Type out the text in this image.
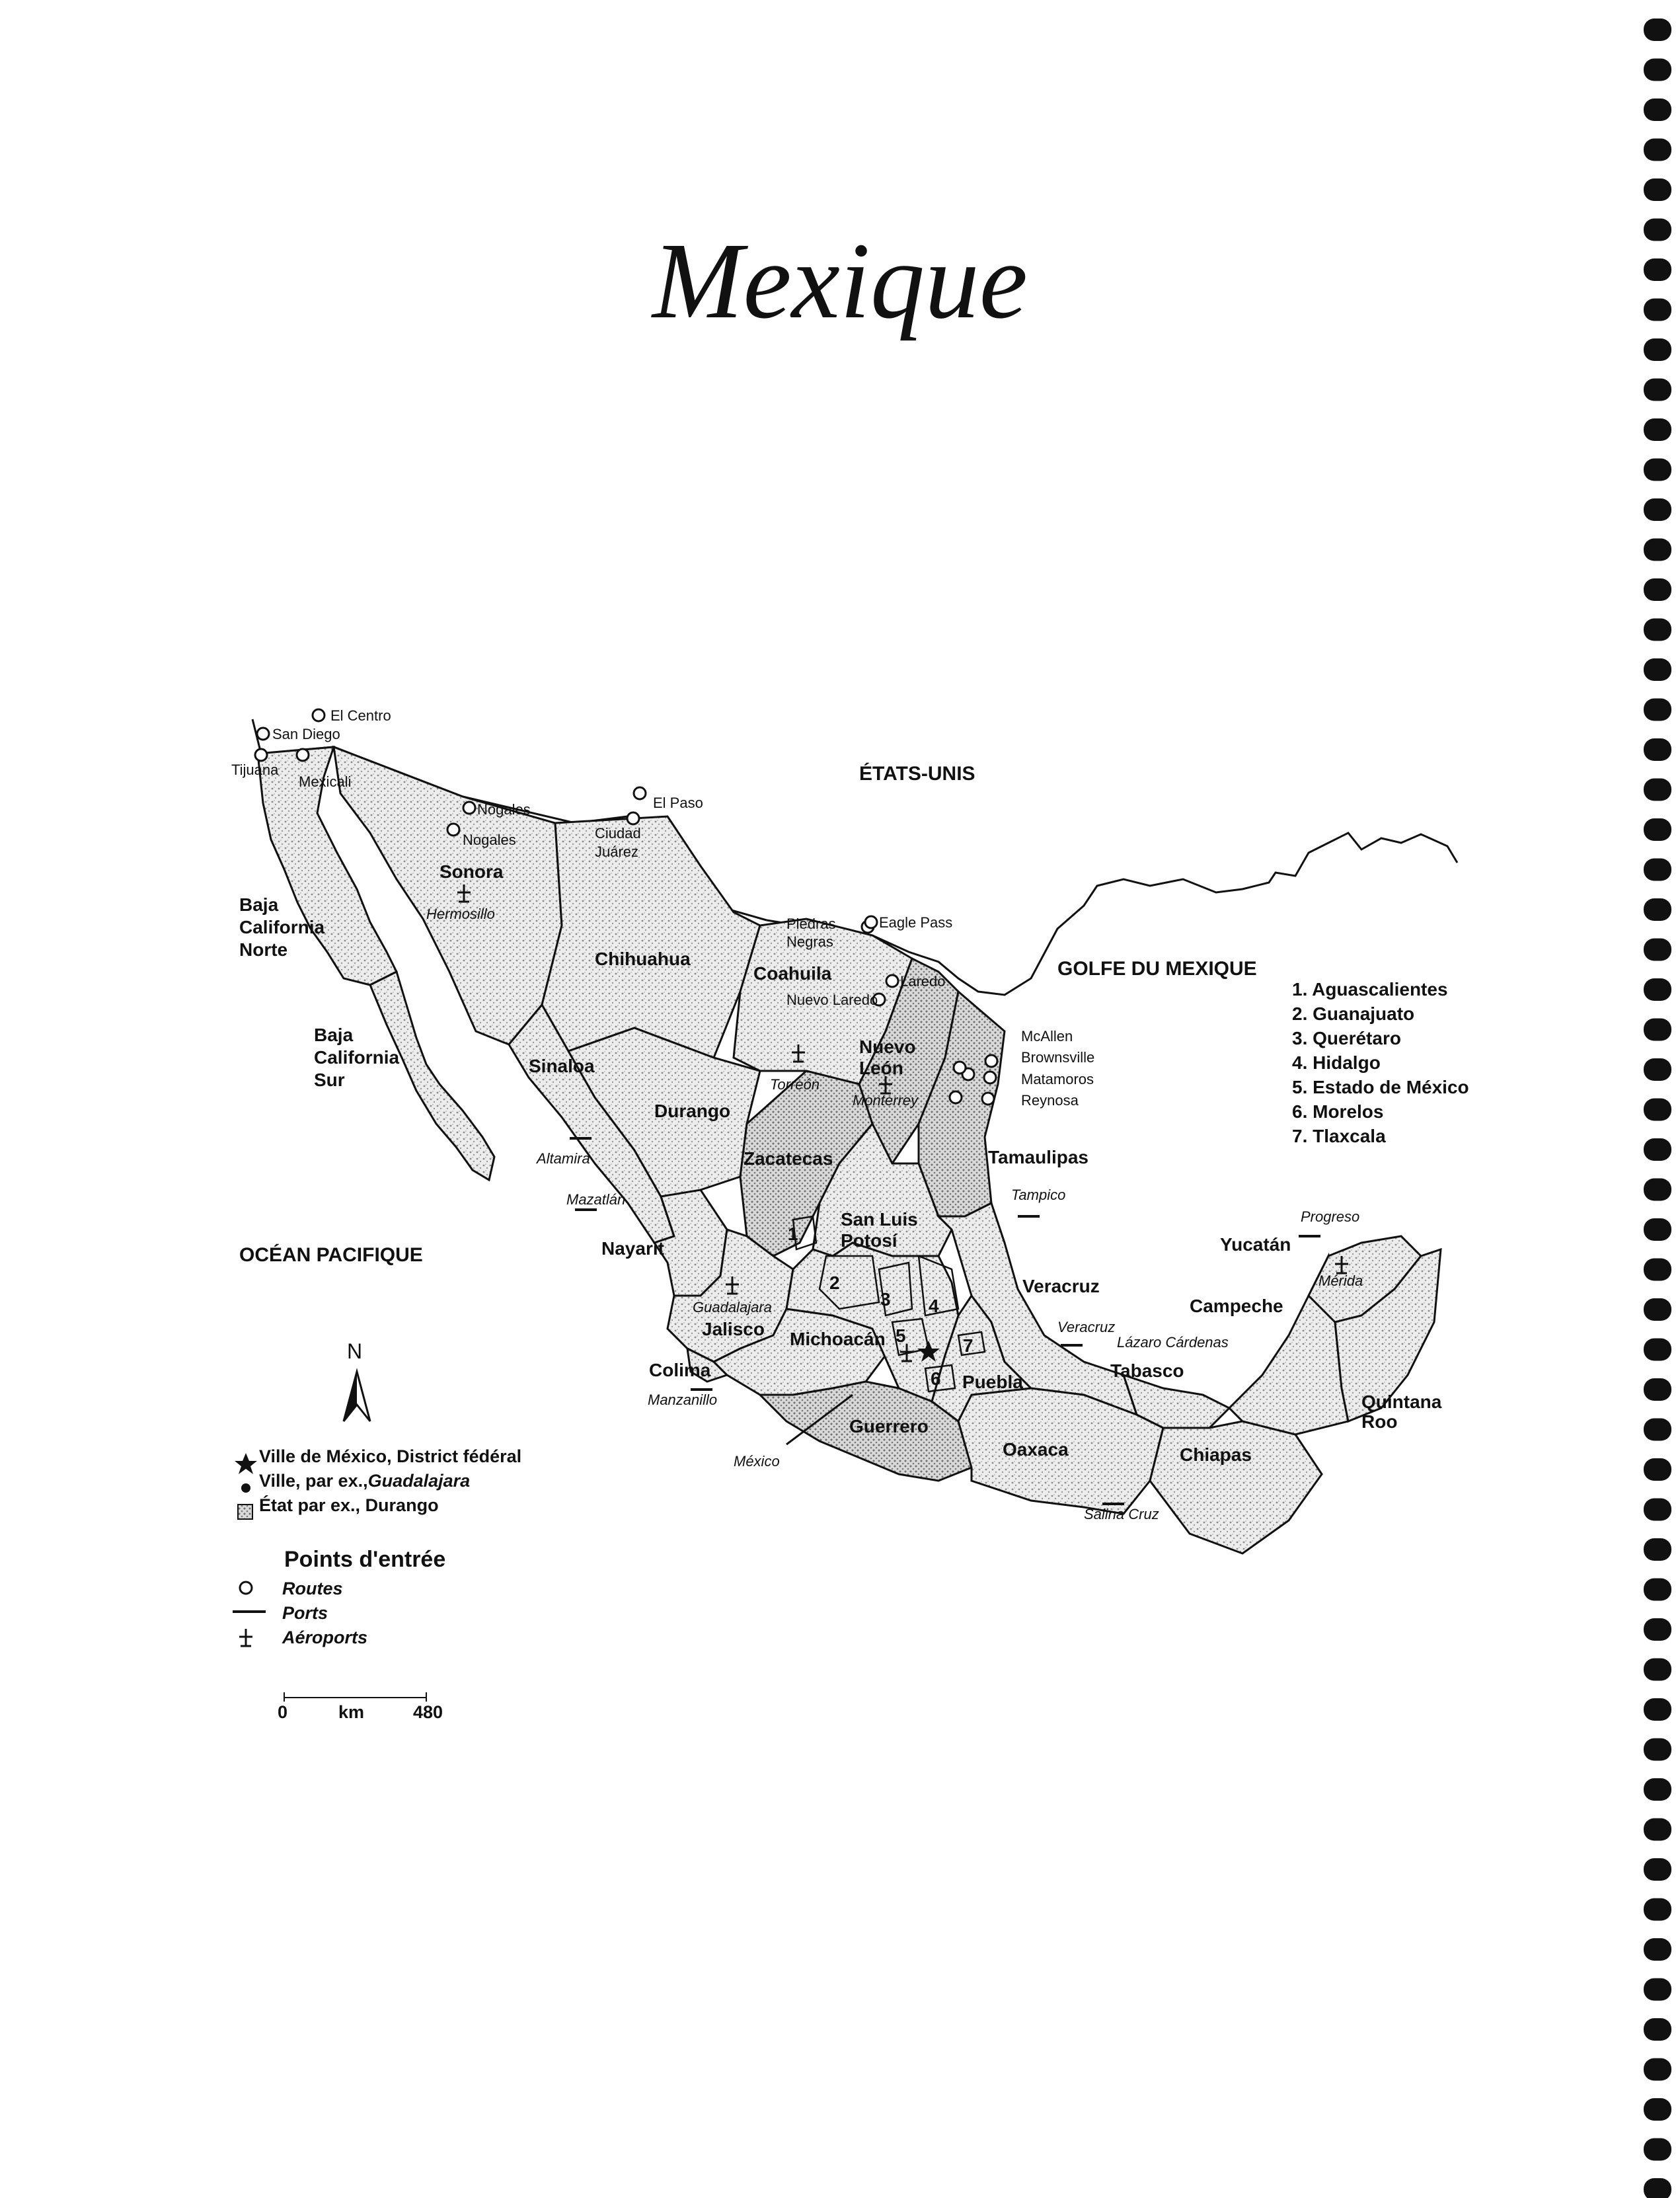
Mexique
Baja
California
Norte
Baja
California
Sur
Sonora
Chihuahua
Coahuila
Nuevo
León
Tamaulipas
Sinaloa
Durango
Zacatecas
Nayarit
San Luis
Potosí
Jalisco
Colima
Michoacán
Guerrero
Oaxaca
Puebla
Veracruz
Tabasco
Campeche
Yucatán
Chiapas
Quintana
Roo
1
2
3 4
5
6
7
ÉTATS-UNIS
GOLFE DU MEXIQUE
OCÉAN PACIFIQUE
El Centro
San Diego
Tijuana
Mexicali
Nogales
Nogales
El Paso
Ciudad
Juárez
Piedras
Negras
Eagle Pass
Laredo
Nuevo Laredo
McAllen
Brownsville
Matamoros
Reynosa
Hermosillo
Torreón
Monterrey
Guadalajara
Mérida
México
Altamira
Mazatlán
Manzanillo
Tampico
Veracruz
Lázaro Cárdenas
Salina Cruz
Progreso
N
1. Aguascalientes
2. Guanajuato
3. Querétaro
4. Hidalgo
5. Estado de México
6. Morelos
7. Tlaxcala
Ville de México, District fédéral
Ville, par ex., Guadalajara
État par ex., Durango
Points d'entrée
Routes
Ports
Aéroports
0	km	480
